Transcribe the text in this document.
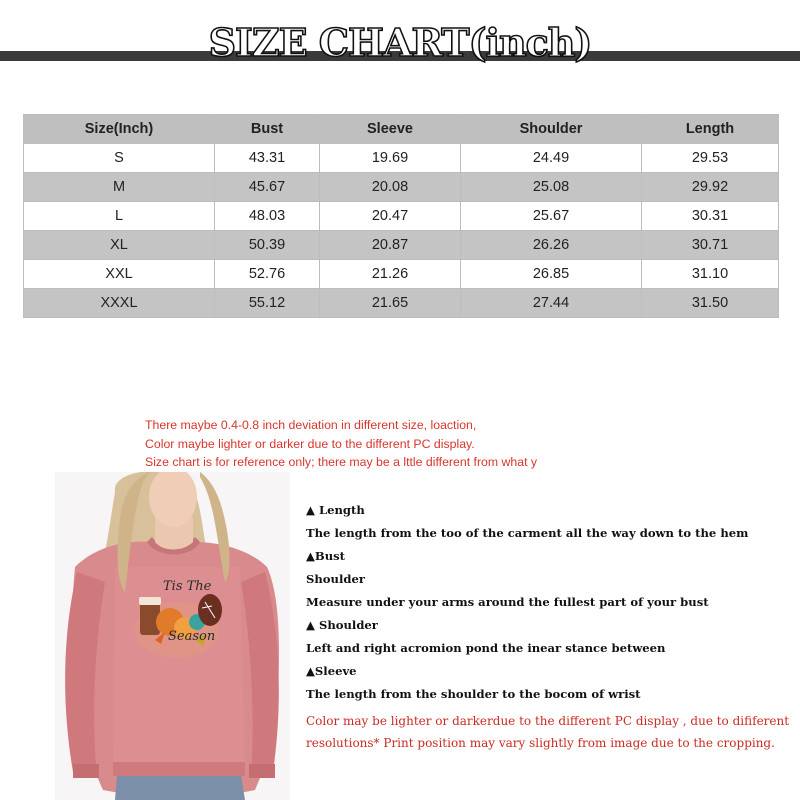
SIZE CHART(inch)
Size(Inch)	Bust	Sleeve	Shoulder	Length
S	43.31	19.69	24.49	29.53
M	45.67	20.08	25.08	29.92
L	48.03	20.47	25.67	30.31
XL	50.39	20.87	26.26	30.71
XXL	52.76	21.26	26.85	31.10
XXXL	55.12	21.65	27.44	31.50
There maybe 0.4-0.8 inch deviation in different size, loaction,
Color maybe lighter or darker due to the different PC display.
Size chart is for reference only; there may be a lttle different from what y
Tis The
Season
▲ Length
The length from the too of the carment all the way down to the hem
▲Bust
Shoulder
Measure under your arms around the fullest part of your bust
▲ Shoulder
Left and right acromion pond the inear stance between
▲Sleeve
The length from the shoulder to the bocom of wrist
Color may be lighter or darkerdue to the different PC display , due to dififerent
resolutions* Print position may vary slightly from image due to the cropping.
